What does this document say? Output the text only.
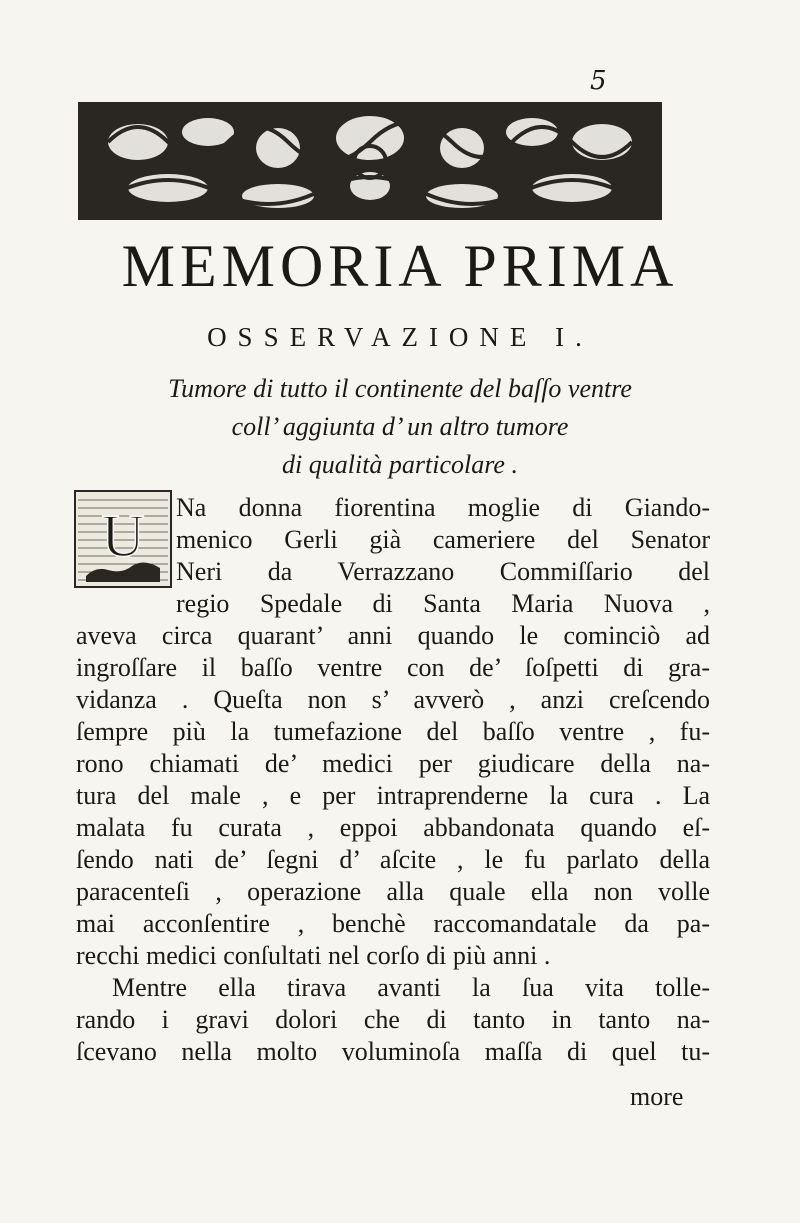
5
MEMORIA PRIMA
OSSERVAZIONE I.
Tumore di tutto il continente del baſſo ventre
coll’ aggiunta d’ un altro tumore
di qualità particolare .
U Na donna fiorentina moglie di Giando-
menico Gerli già cameriere del Senator
Neri da Verrazzano Commiſſario del
regio Spedale di Santa Maria Nuova ,
aveva circa quarant’ anni quando le cominciò ad
ingroſſare il baſſo ventre con de’ ſoſpetti di gra-
vidanza . Queſta non s’ avverò , anzi creſcendo
ſempre più la tumefazione del baſſo ventre , fu-
rono chiamati de’ medici per giudicare della na-
tura del male , e per intraprenderne la cura . La
malata fu curata , eppoi abbandonata quando eſ-
ſendo nati de’ ſegni d’ aſcite , le fu parlato della
paracenteſi , operazione alla quale ella non volle
mai acconſentire , benchè raccomandatale da pa-
recchi medici conſultati nel corſo di più anni .
Mentre ella tirava avanti la ſua vita tolle-
rando i gravi dolori che di tanto in tanto na-
ſcevano nella molto voluminoſa maſſa di quel tu-
more
